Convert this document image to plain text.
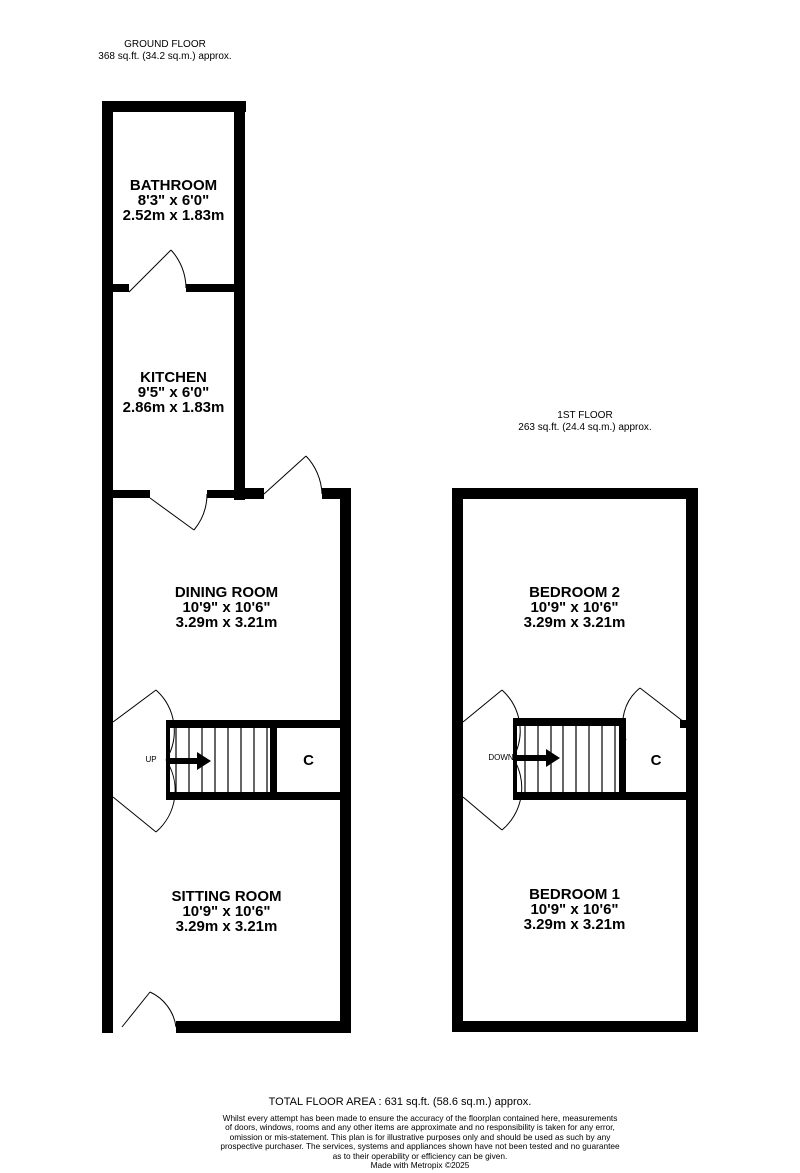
GROUND FLOOR
368 sq.ft. (34.2 sq.m.) approx.
1ST FLOOR
263 sq.ft. (24.4 sq.m.) approx.
BATHROOM
8'3" x 6'0"
2.52m x 1.83m
KITCHEN
9'5" x 6'0"
2.86m x 1.83m
DINING ROOM
10'9" x 10'6"
3.29m x 3.21m
SITTING ROOM
10'9" x 10'6"
3.29m x 3.21m
UP	C
BEDROOM 2
10'9" x 10'6"
3.29m x 3.21m
BEDROOM 1
10'9" x 10'6"
3.29m x 3.21m
DOWN	C
TOTAL FLOOR AREA : 631 sq.ft. (58.6 sq.m.) approx.
Whilst every attempt has been made to ensure the accuracy of the floorplan contained here, measurements
of doors, windows, rooms and any other items are approximate and no responsibility is taken for any error,
omission or mis-statement. This plan is for illustrative purposes only and should be used as such by any
prospective purchaser. The services, systems and appliances shown have not been tested and no guarantee
as to their operability or efficiency can be given.
Made with Metropix ©2025
